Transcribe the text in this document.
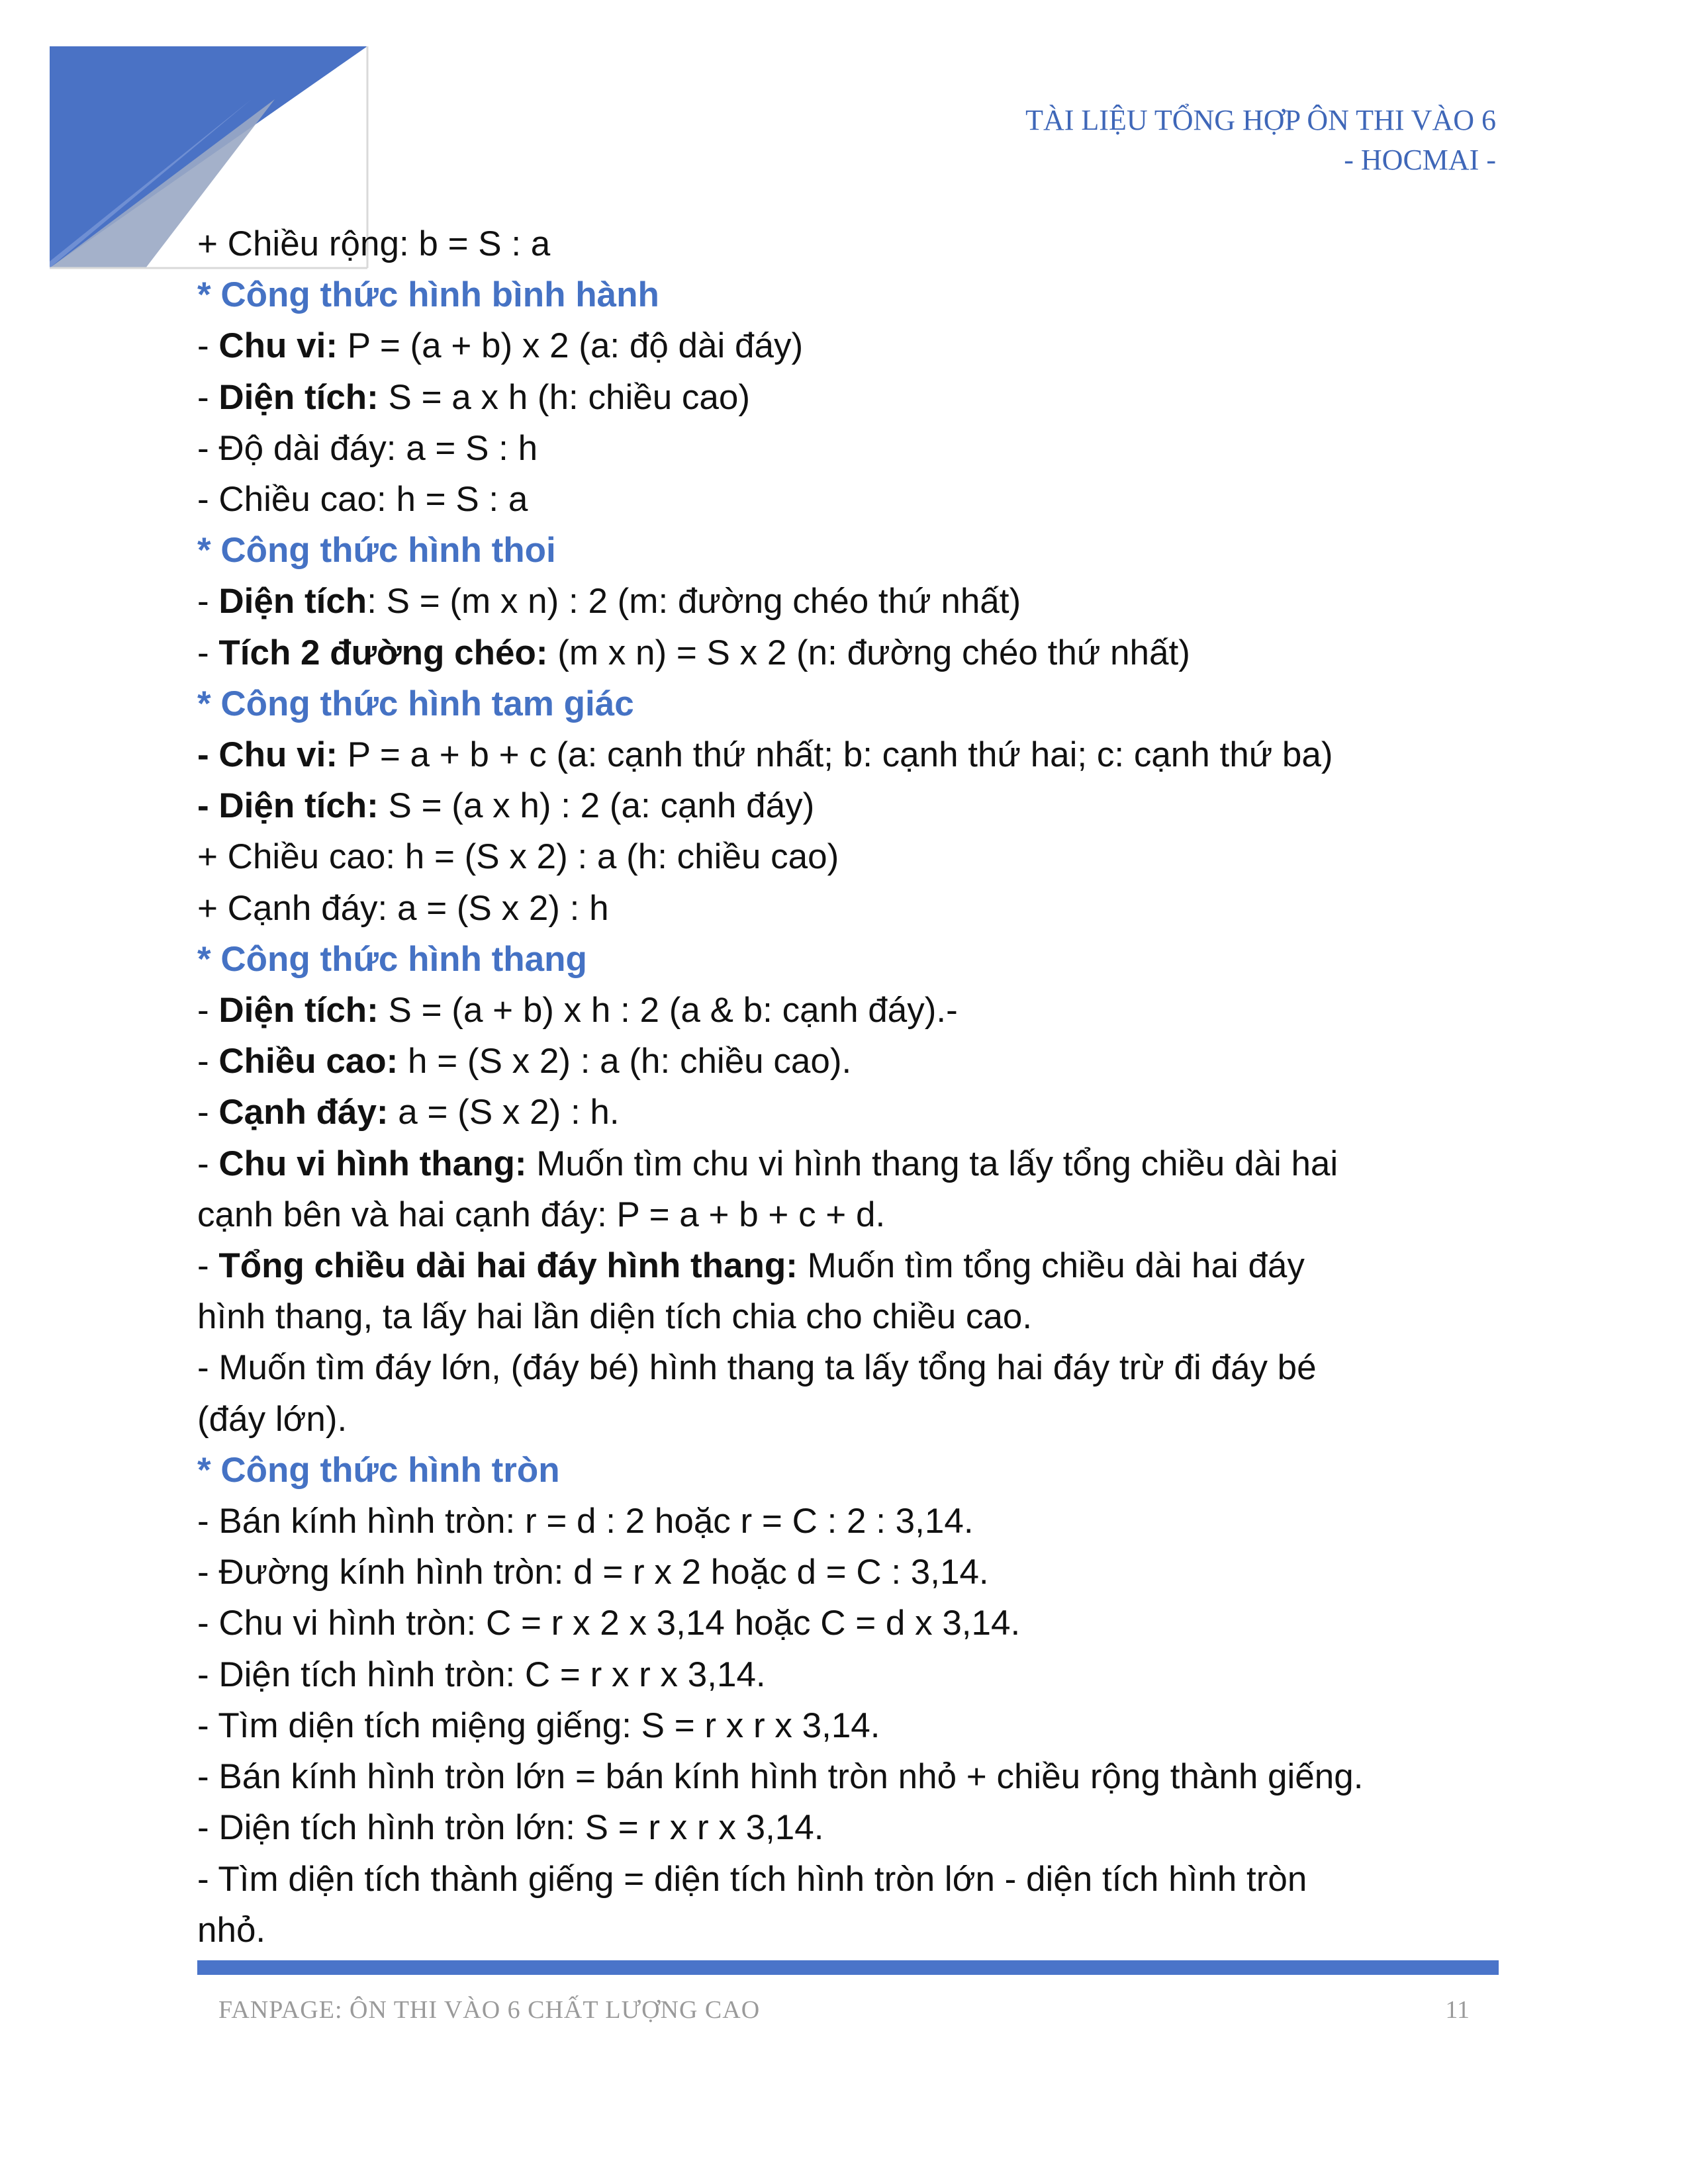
TÀI LIỆU TỔNG HỢP ÔN THI VÀO 6
- HOCMAI -
+ Chiều rộng: b = S : a
* Công thức hình bình hành
- Chu vi: P = (a + b) x 2 (a: độ dài đáy)
- Diện tích: S = a x h (h: chiều cao)
- Độ dài đáy: a = S : h
- Chiều cao: h = S : a
* Công thức hình thoi
- Diện tích: S = (m x n) : 2 (m: đường chéo thứ nhất)
- Tích 2 đường chéo: (m x n) = S x 2 (n: đường chéo thứ nhất)
* Công thức hình tam giác
- Chu vi: P = a + b + c (a: cạnh thứ nhất; b: cạnh thứ hai; c: cạnh thứ ba)
- Diện tích: S = (a x h) : 2 (a: cạnh đáy)
+ Chiều cao: h = (S x 2) : a (h: chiều cao)
+ Cạnh đáy: a = (S x 2) : h
* Công thức hình thang
- Diện tích: S = (a + b) x h : 2 (a & b: cạnh đáy).-
- Chiều cao: h = (S x 2) : a (h: chiều cao).
- Cạnh đáy: a = (S x 2) : h.
- Chu vi hình thang: Muốn tìm chu vi hình thang ta lấy tổng chiều dài hai
cạnh bên và hai cạnh đáy: P = a + b + c + d.
- Tổng chiều dài hai đáy hình thang: Muốn tìm tổng chiều dài hai đáy
hình thang, ta lấy hai lần diện tích chia cho chiều cao.
- Muốn tìm đáy lớn, (đáy bé) hình thang ta lấy tổng hai đáy trừ đi đáy bé
(đáy lớn).
* Công thức hình tròn
- Bán kính hình tròn: r = d : 2 hoặc r = C : 2 : 3,14.
- Đường kính hình tròn: d = r x 2 hoặc d = C : 3,14.
- Chu vi hình tròn: C = r x 2 x 3,14 hoặc C = d x 3,14.
- Diện tích hình tròn: C = r x r x 3,14.
- Tìm diện tích miệng giếng: S = r x r x 3,14.
- Bán kính hình tròn lớn = bán kính hình tròn nhỏ + chiều rộng thành giếng.
- Diện tích hình tròn lớn: S = r x r x 3,14.
- Tìm diện tích thành giếng = diện tích hình tròn lớn - diện tích hình tròn
nhỏ.
FANPAGE: ÔN THI VÀO 6 CHẤT LƯỢNG CAO	11
